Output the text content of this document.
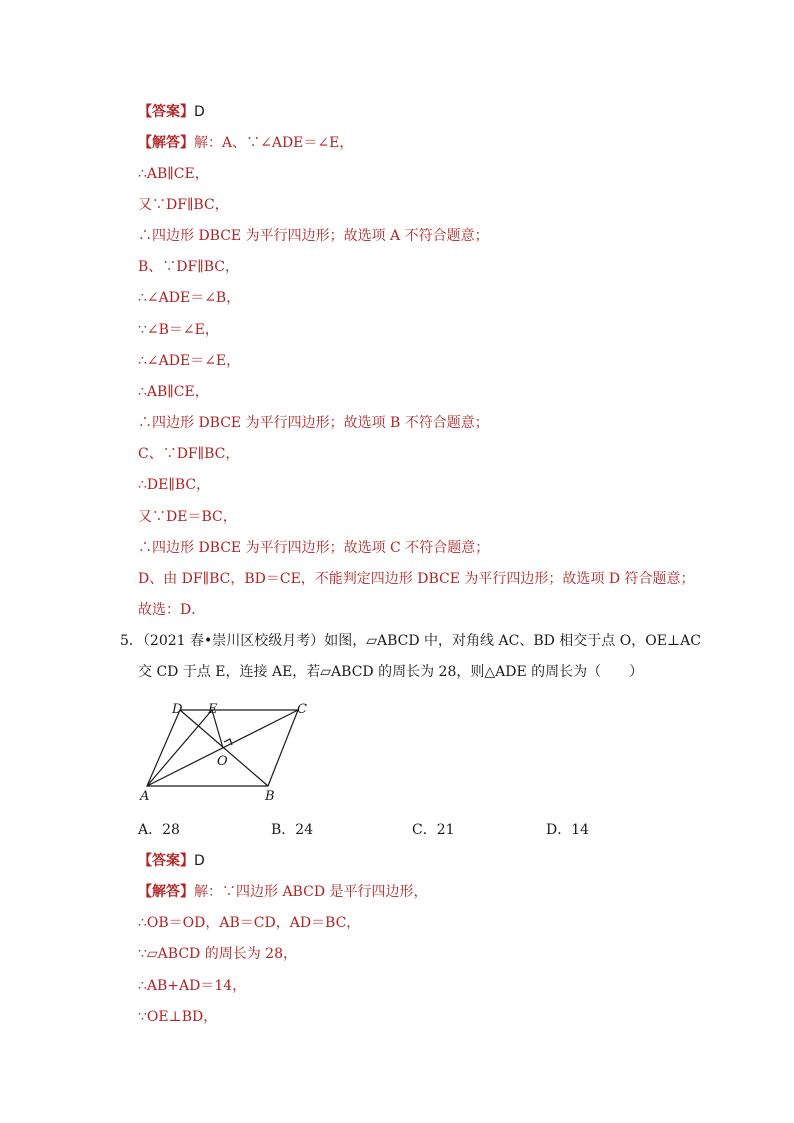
【答案】D
【解答】解：A、∵∠ADE＝∠E，
∴AB∥CE，
又∵DF∥BC，
∴四边形 DBCE 为平行四边形；故选项 A 不符合题意；
B、∵DF∥BC，
∴∠ADE＝∠B，
∵∠B＝∠E，
∴∠ADE＝∠E，
∴AB∥CE，
∴四边形 DBCE 为平行四边形；故选项 B 不符合题意；
C、∵DF∥BC，
∴DE∥BC，
又∵DE＝BC，
∴四边形 DBCE 为平行四边形；故选项 C 不符合题意；
D、由 DF∥BC，BD＝CE，不能判定四边形 DBCE 为平行四边形；故选项 D 符合题意；
故选：D．
5．（2021 春•崇川区校级月考）如图，▱ABCD 中，对角线 AC、BD 相交于点 O，OE⊥AC
交 CD 于点 E，连接 AE，若▱ABCD 的周长为 28，则△ADE 的周长为（　　）
D E	C
O
A	B
A．28	B．24	C．21	D．14
【答案】D
【解答】解：∵四边形 ABCD 是平行四边形，
∴OB＝OD，AB＝CD，AD＝BC，
∵▱ABCD 的周长为 28，
∴AB+AD＝14，
∵OE⊥BD，
